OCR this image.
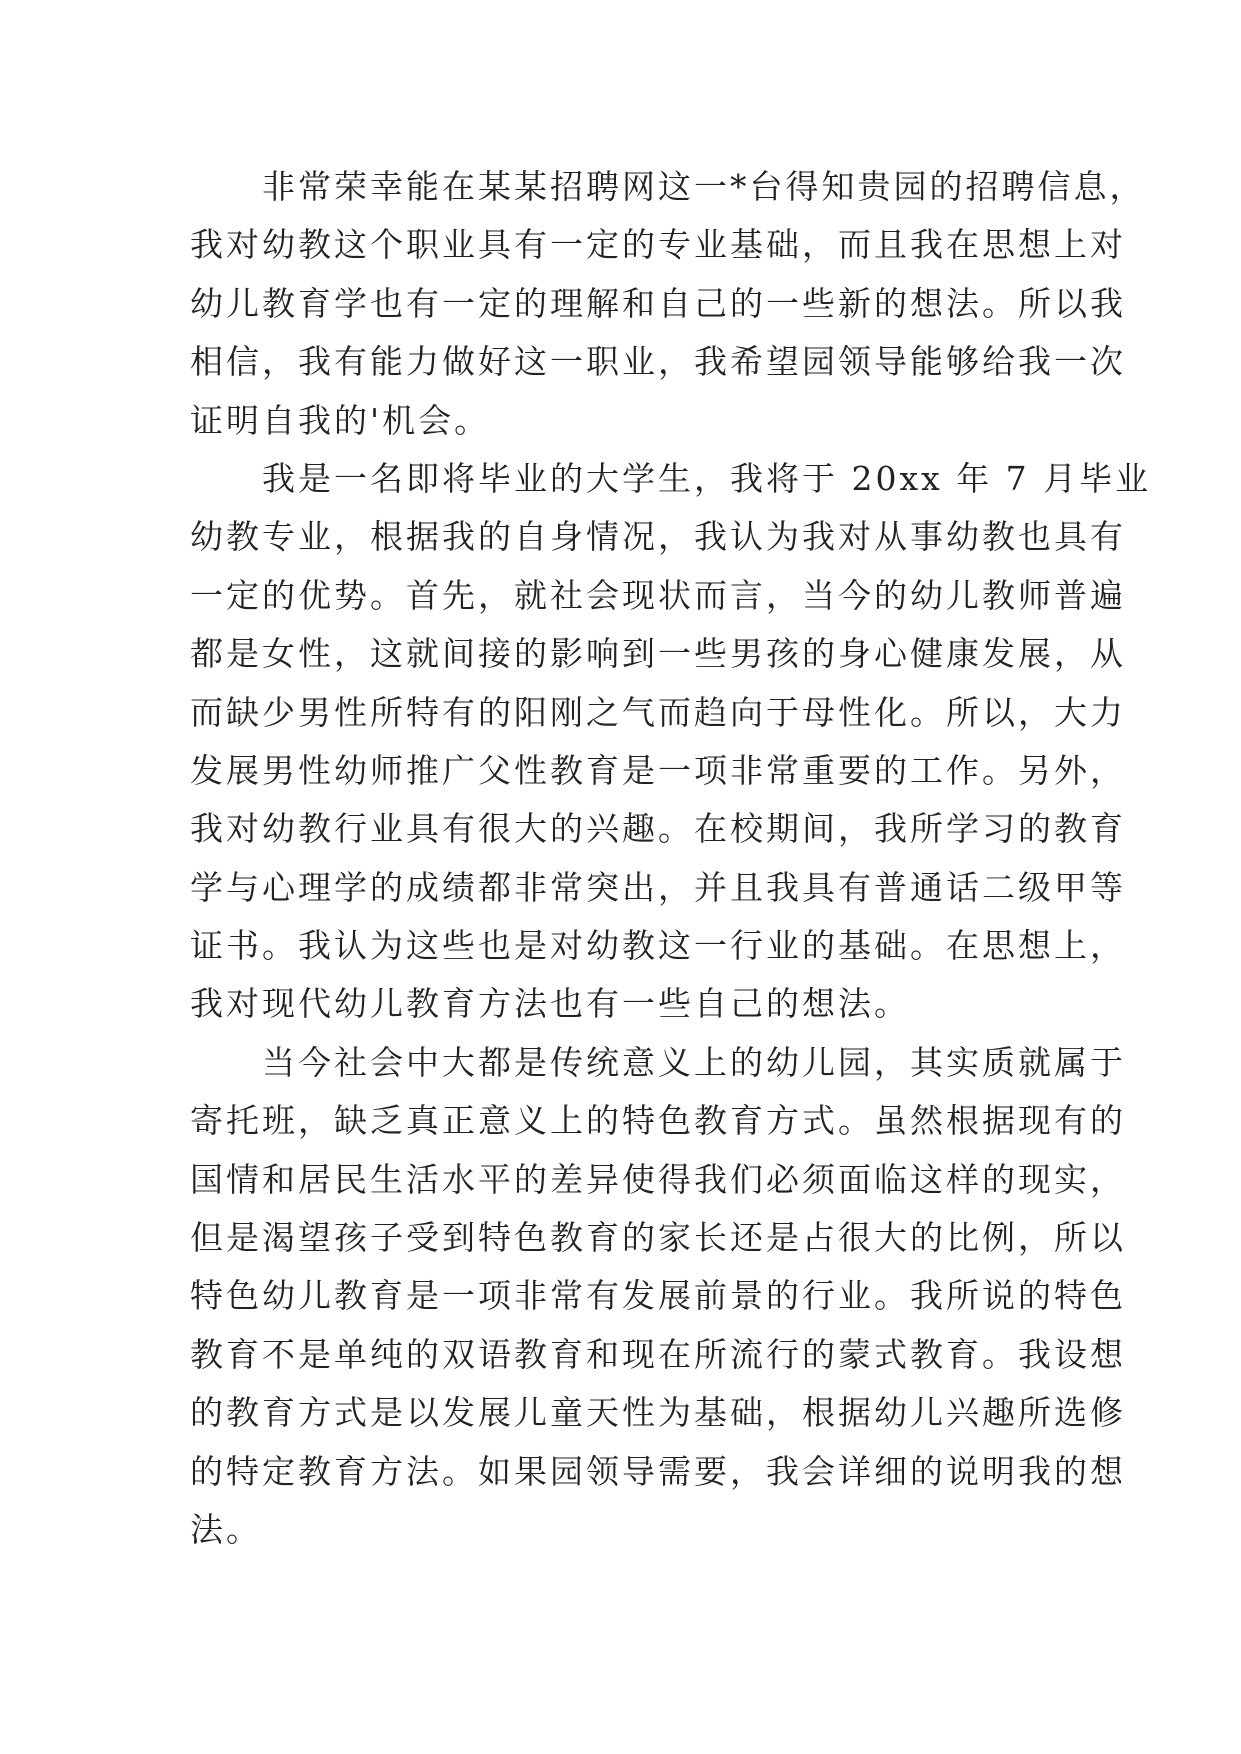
非常荣幸能在某某招聘网这一*台得知贵园的招聘信息，
我对幼教这个职业具有一定的专业基础，而且我在思想上对
幼儿教育学也有一定的理解和自己的一些新的想法。所以我
相信，我有能力做好这一职业，我希望园领导能够给我一次
证明自我的'机会。
我是一名即将毕业的大学生，我将于 20xx 年 7 月毕业
幼教专业，根据我的自身情况，我认为我对从事幼教也具有
一定的优势。首先，就社会现状而言，当今的幼儿教师普遍
都是女性，这就间接的影响到一些男孩的身心健康发展，从
而缺少男性所特有的阳刚之气而趋向于母性化。所以，大力
发展男性幼师推广父性教育是一项非常重要的工作。另外，
我对幼教行业具有很大的兴趣。在校期间，我所学习的教育
学与心理学的成绩都非常突出，并且我具有普通话二级甲等
证书。我认为这些也是对幼教这一行业的基础。在思想上，
我对现代幼儿教育方法也有一些自己的想法。
当今社会中大都是传统意义上的幼儿园，其实质就属于
寄托班，缺乏真正意义上的特色教育方式。虽然根据现有的
国情和居民生活水平的差异使得我们必须面临这样的现实，
但是渴望孩子受到特色教育的家长还是占很大的比例，所以
特色幼儿教育是一项非常有发展前景的行业。我所说的特色
教育不是单纯的双语教育和现在所流行的蒙式教育。我设想
的教育方式是以发展儿童天性为基础，根据幼儿兴趣所选修
的特定教育方法。如果园领导需要，我会详细的说明我的想
法。
